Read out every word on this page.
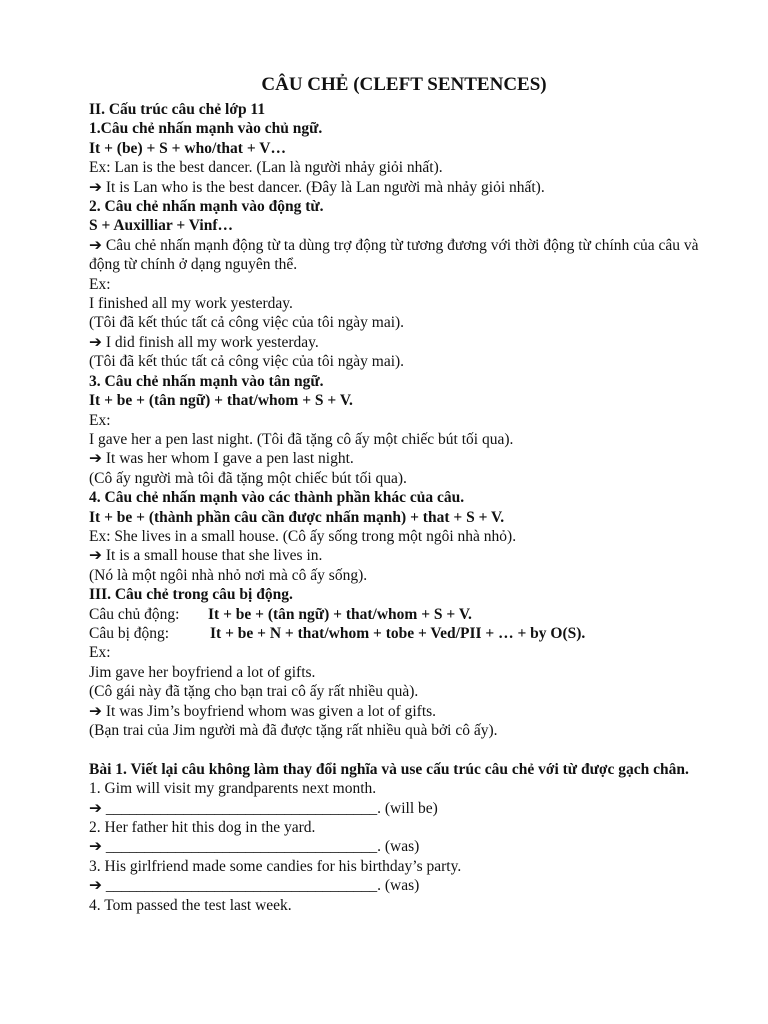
CÂU CHẺ (CLEFT SENTENCES)
II. Cấu trúc câu chẻ lớp 11
1.Câu chẻ nhấn mạnh vào chủ ngữ.
It + (be) + S + who/that + V…
Ex: Lan is the best dancer. (Lan là người nhảy giỏi nhất).
➔ It is Lan who is the best dancer. (Đây là Lan người mà nhảy giỏi nhất).
2. Câu chẻ nhấn mạnh vào động từ.
S + Auxilliar + Vinf…
➔ Câu chẻ nhấn mạnh động từ ta dùng trợ động từ tương đương với thời động từ chính của câu và động từ chính ở dạng nguyên thể.
Ex:
I finished all my work yesterday.
(Tôi đã kết thúc tất cả công việc của tôi ngày mai).
➔ I did finish all my work yesterday.
(Tôi đã kết thúc tất cả công việc của tôi ngày mai).
3. Câu chẻ nhấn mạnh vào tân ngữ.
It + be + (tân ngữ) + that/whom + S + V.
Ex:
I gave her a pen last night. (Tôi đã tặng cô ấy một chiếc bút tối qua).
➔ It was her whom I gave a pen last night.
(Cô ấy người mà tôi đã tặng một chiếc bút tối qua).
4. Câu chẻ nhấn mạnh vào các thành phần khác của câu.
It + be + (thành phần câu cần được nhấn mạnh) + that + S + V.
Ex: She lives in a small house. (Cô ấy sống trong một ngôi nhà nhỏ).
➔ It is a small house that she lives in.
(Nó là một ngôi nhà nhỏ nơi mà cô ấy sống).
III. Câu chẻ trong câu bị động.
Câu chủ động: It + be + (tân ngữ) + that/whom + S + V.
Câu bị động:	It + be + N + that/whom + tobe + Ved/PII + … + by O(S).
Ex:
Jim gave her boyfriend a lot of gifts.
(Cô gái này đã tặng cho bạn trai cô ấy rất nhiều quà).
➔ It was Jim’s boyfriend whom was given a lot of gifts.
(Bạn trai của Jim người mà đã được tặng rất nhiều quà bởi cô ấy).
Bài 1. Viết lại câu không làm thay đổi nghĩa và use cấu trúc câu chẻ với từ được gạch chân.
1. Gim will visit my grandparents next month.
➔ ___________________________________. (will be)
2. Her father hit this dog in the yard.
➔ ___________________________________. (was)
3. His girlfriend made some candies for his birthday’s party.
➔ ___________________________________. (was)
4. Tom passed the test last week.
